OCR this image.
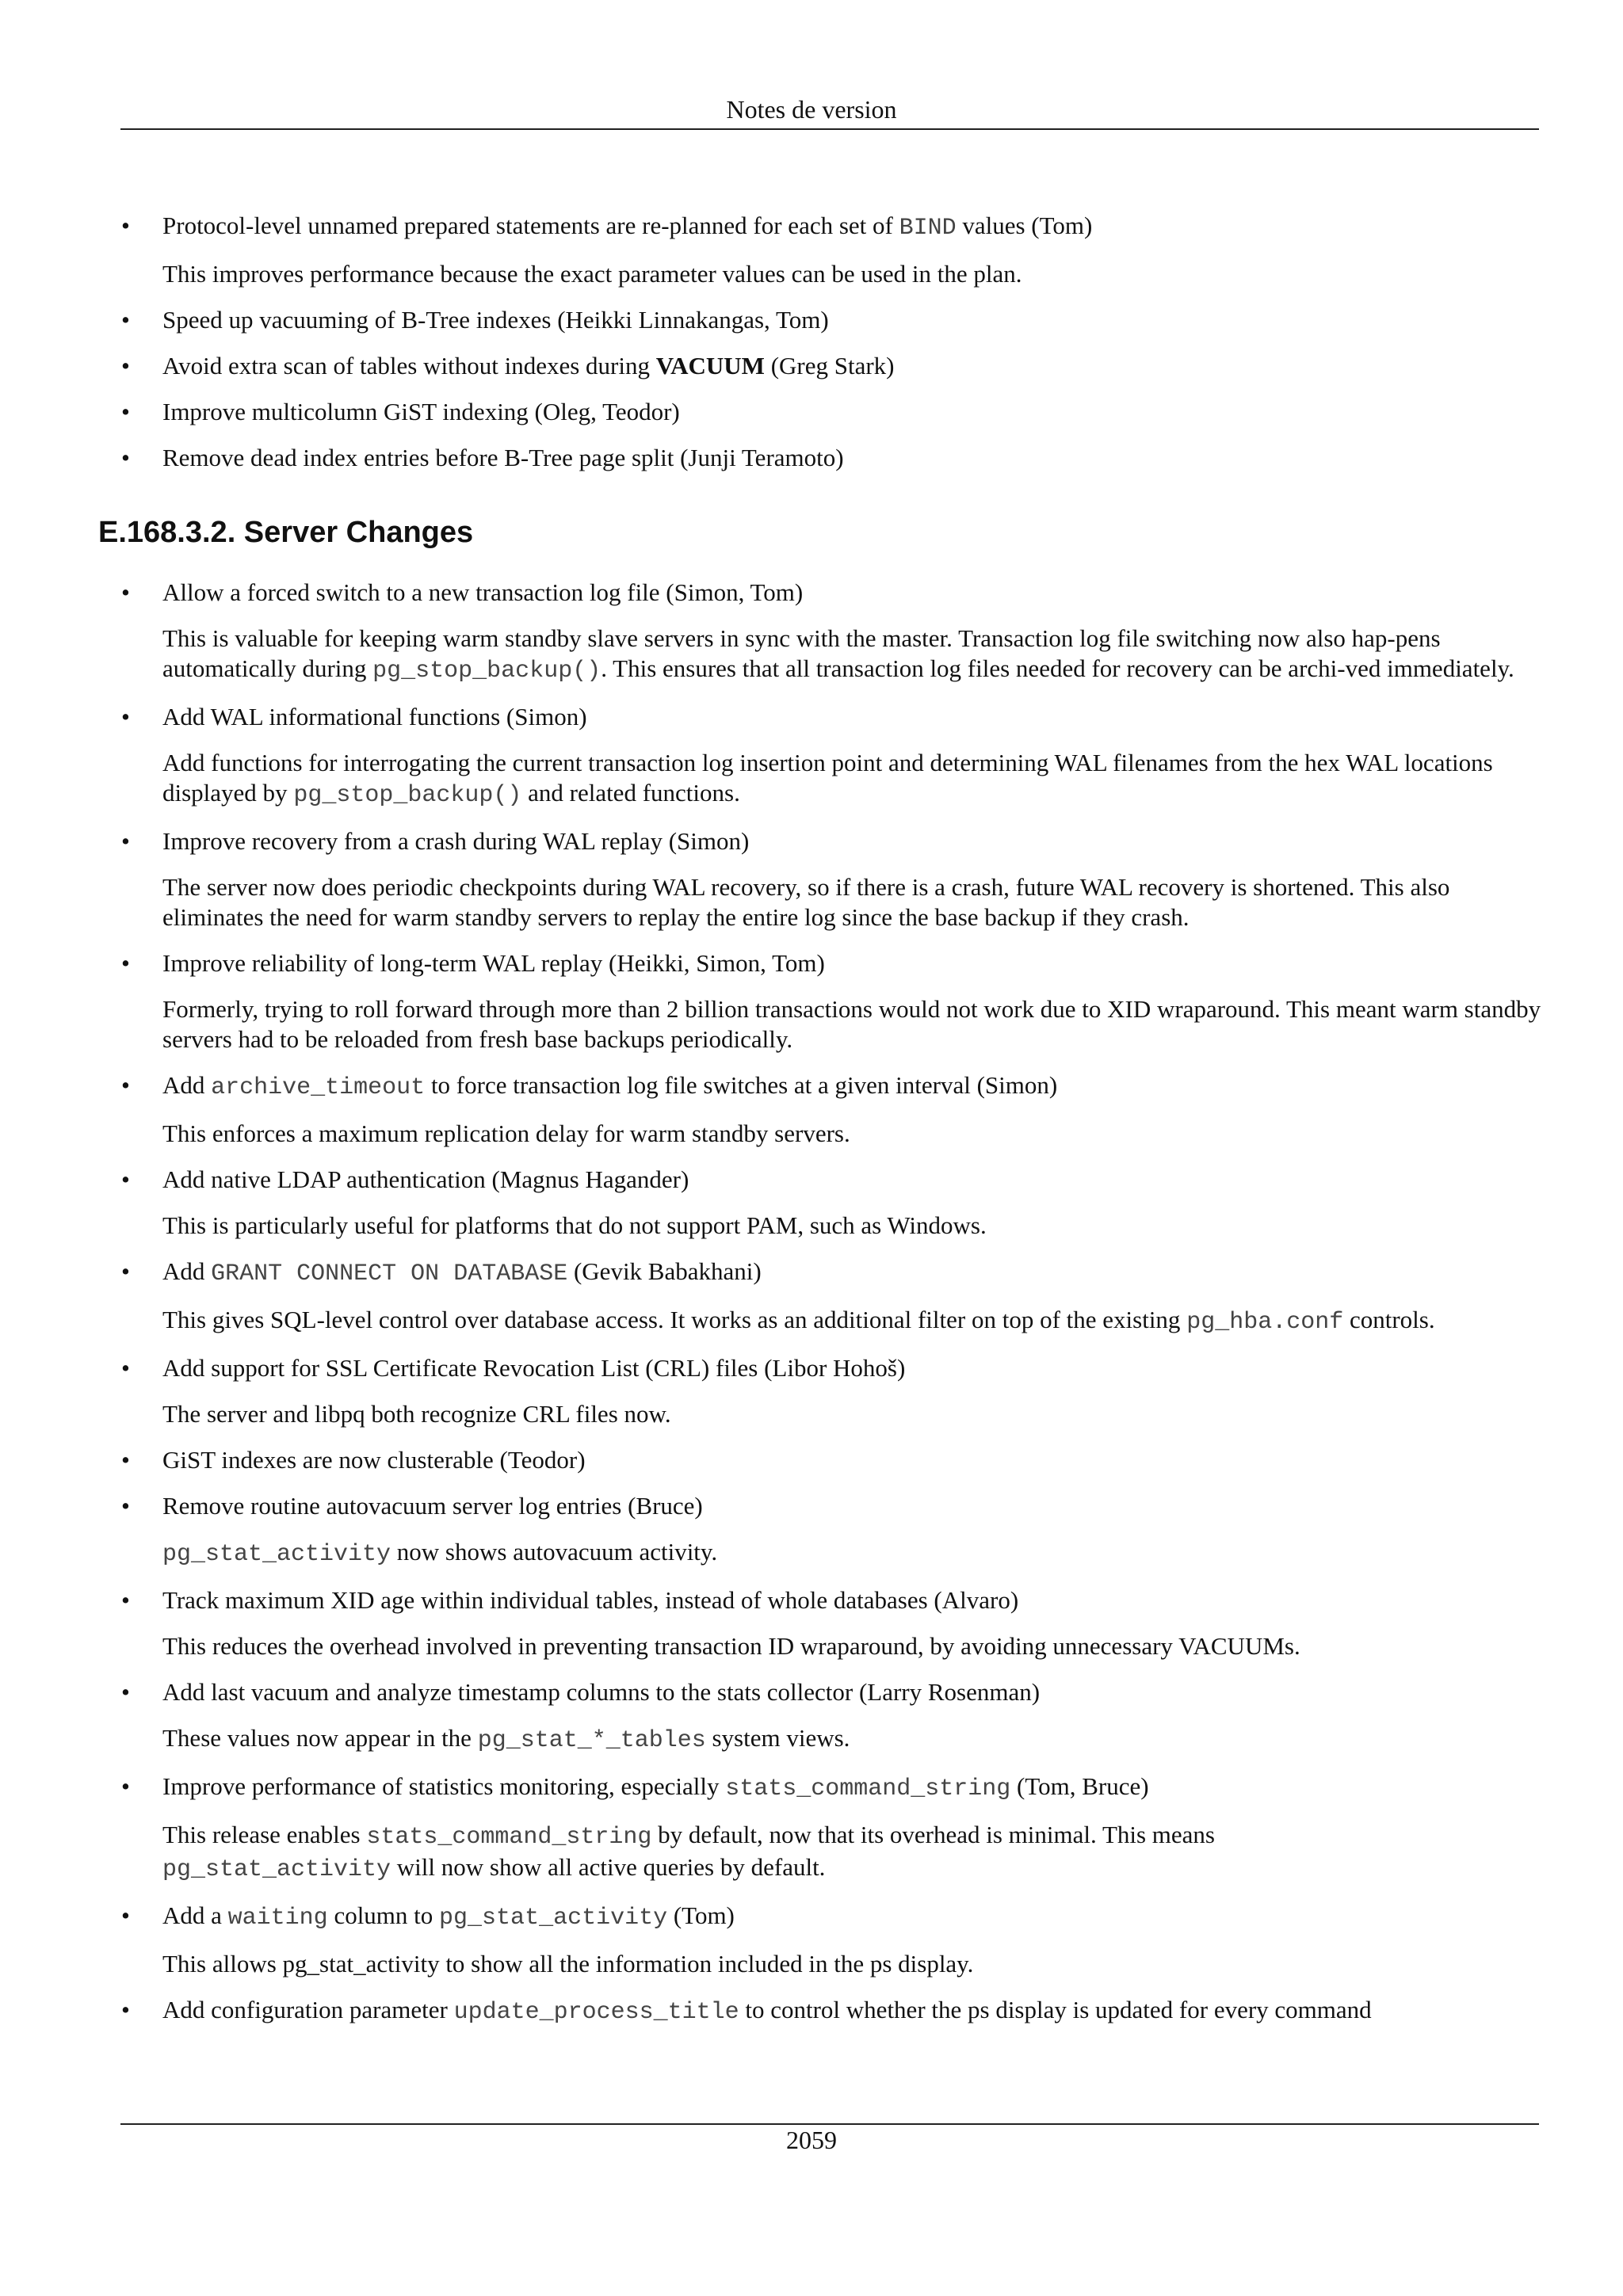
Notes de version
• Protocol-level unnamed prepared statements are re-planned for each set of BIND values (Tom)
This improves performance because the exact parameter values can be used in the plan.
• Speed up vacuuming of B-Tree indexes (Heikki Linnakangas, Tom)
• Avoid extra scan of tables without indexes during VACUUM (Greg Stark)
• Improve multicolumn GiST indexing (Oleg, Teodor)
• Remove dead index entries before B-Tree page split (Junji Teramoto)
E.168.3.2. Server Changes
• Allow a forced switch to a new transaction log file (Simon, Tom)
This is valuable for keeping warm standby slave servers in sync with the master. Transaction log file switching now also hap-pens automatically during pg_stop_backup(). This ensures that all transaction log files needed for recovery can be archi-ved immediately.
• Add WAL informational functions (Simon)
Add functions for interrogating the current transaction log insertion point and determining WAL filenames from the hex WAL locations displayed by pg_stop_backup() and related functions.
• Improve recovery from a crash during WAL replay (Simon)
The server now does periodic checkpoints during WAL recovery, so if there is a crash, future WAL recovery is shortened. This also eliminates the need for warm standby servers to replay the entire log since the base backup if they crash.
• Improve reliability of long-term WAL replay (Heikki, Simon, Tom)
Formerly, trying to roll forward through more than 2 billion transactions would not work due to XID wraparound. This meant warm standby servers had to be reloaded from fresh base backups periodically.
• Add archive_timeout to force transaction log file switches at a given interval (Simon)
This enforces a maximum replication delay for warm standby servers.
• Add native LDAP authentication (Magnus Hagander)
This is particularly useful for platforms that do not support PAM, such as Windows.
• Add GRANT CONNECT ON DATABASE (Gevik Babakhani)
This gives SQL-level control over database access. It works as an additional filter on top of the existing pg_hba.conf controls.
• Add support for SSL Certificate Revocation List (CRL) files (Libor Hohoš)
The server and libpq both recognize CRL files now.
• GiST indexes are now clusterable (Teodor)
• Remove routine autovacuum server log entries (Bruce)
pg_stat_activity now shows autovacuum activity.
• Track maximum XID age within individual tables, instead of whole databases (Alvaro)
This reduces the overhead involved in preventing transaction ID wraparound, by avoiding unnecessary VACUUMs.
• Add last vacuum and analyze timestamp columns to the stats collector (Larry Rosenman)
These values now appear in the pg_stat_*_tables system views.
• Improve performance of statistics monitoring, especially stats_command_string (Tom, Bruce)
This release enables stats_command_string by default, now that its overhead is minimal. This means
pg_stat_activity will now show all active queries by default.
• Add a waiting column to pg_stat_activity (Tom)
This allows pg_stat_activity to show all the information included in the ps display.
• Add configuration parameter update_process_title to control whether the ps display is updated for every command
2059
